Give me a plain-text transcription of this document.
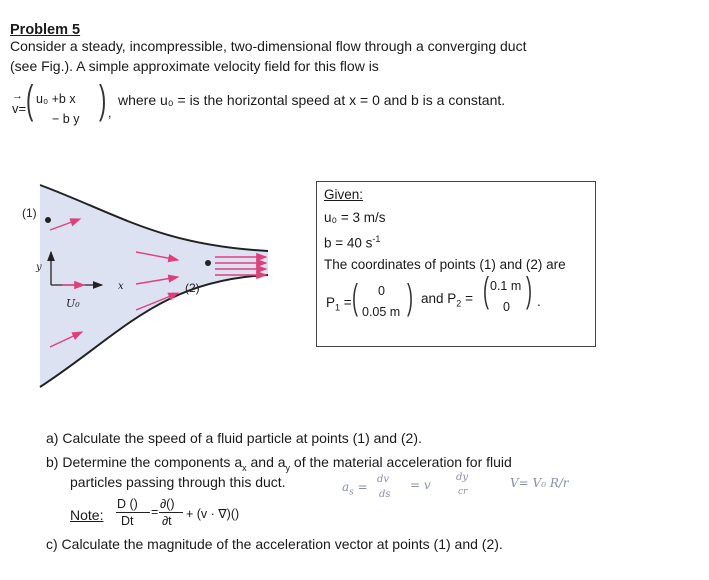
Problem 5
Consider a steady, incompressible, two-dimensional flow through a converging duct
(see Fig.). A simple approximate velocity field for this flow is
→
v= ( u₀ +b x
− b y ) ,
where u₀ = is the horizontal speed at x = 0 and b is a constant.
(1)
(2)
y
x
U₀
Given:
u₀ = 3 m/s
b = 40 $s^{-1}$
The coordinates of points (1) and (2) are
$P_1$ = ( 0
0.05 m ) and $P_2$ = ( 0.1 m
0 ) .
a) Calculate the speed of a fluid particle at points (1) and (2).
b) Determine the components $a_x$ and $a_y$ of the material acceleration for fluid
particles passing through this duct.
Note:
D ()
Dt
=
∂()
∂t + (v · ∇)()
c) Calculate the magnitude of the acceleration vector at points (1) and (2).
$a_s$ =
dv
ds
= v
dy
cr
V= V₀ R/r
